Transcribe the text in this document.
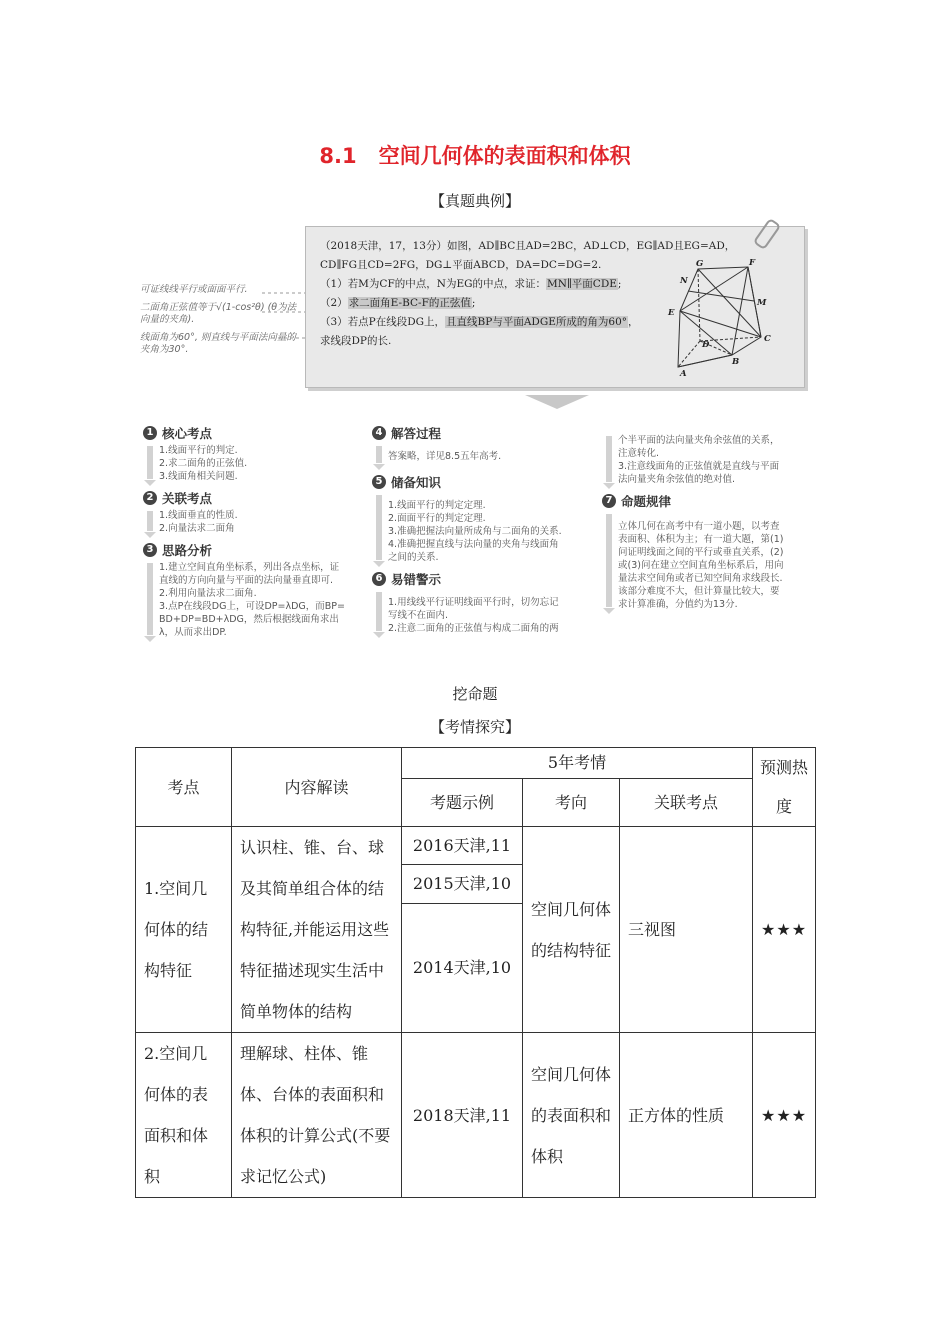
8.1 空间几何体的表面积和体积
【真题典例】
可证线线平行或面面平行.
二面角正弦值等于√(1-cos²θ) (θ为法向量的夹角).
线面角为60°, 则直线与平面法向量的夹角为30°.
（2018天津，17，13分）如图，AD∥BC且AD=2BC，AD⊥CD，EG∥AD且EG=AD，
CD∥FG且CD=2FG，DG⊥平面ABCD，DA=DC=DG=2.
（1）若M为CF的中点，N为EG的中点，求证：MN∥平面CDE;
（2）求二面角E-BC-F的正弦值;
（3）若点P在线段DG上，且直线BP与平面ADGE所成的角为60°，
求线段DP的长.
G	F
N
E
M
D
C
A
B
1 核心考点
1.线面平行的判定.
2.求二面角的正弦值.
3.线面角相关问题.
2 关联考点
1.线面垂直的性质.
2.向量法求二面角
3 思路分析
1.建立空间直角坐标系，列出各点坐标，证
直线的方向向量与平面的法向量垂直即可.
2.利用向量法求二面角.
3.点P在线段DG上，可设DP=λDG，而BP=
BD+DP=BD+λDG，然后根据线面角求出
λ，从而求出DP.
4 解答过程
答案略，详见8.5五年高考.
5 储备知识
1.线面平行的判定定理.
2.面面平行的判定定理.
3.准确把握法向量所成角与二面角的关系.
4.准确把握直线与法向量的夹角与线面角
之间的关系.
6 易错警示
1.用线线平行证明线面平行时，切勿忘记
写线不在面内.
2.注意二面角的正弦值与构成二面角的两
个半平面的法向量夹角余弦值的关系，
注意转化.
3.注意线面角的正弦值就是直线与平面
法向量夹角余弦值的绝对值.
7 命题规律
立体几何在高考中有一道小题，以考查
表面积、体积为主；有一道大题，第(1)
问证明线面之间的平行或垂直关系，(2)
或(3)问在建立空间直角坐标系后，用向
量法求空间角或者已知空间角求线段长.
该部分难度不大，但计算量比较大，要
求计算准确，分值约为13分.
挖命题
【考情探究】
考点	内容解读	5年考情			预测热度
		考题示例	考向	关联考点	
1.空间几何体的结构特征	认识柱、锥、台、球及其简单组合体的结构特征,并能运用这些特征描述现实生活中简单物体的结构	2016天津,11	空间几何体的结构特征	三视图	★★★
		2015天津,10			
		2014天津,10			
2.空间几何体的表面积和体积	理解球、柱体、锥体、台体的表面积和体积的计算公式(不要求记忆公式)	2018天津,11	空间几何体的表面积和体积	正方体的性质	★★★
